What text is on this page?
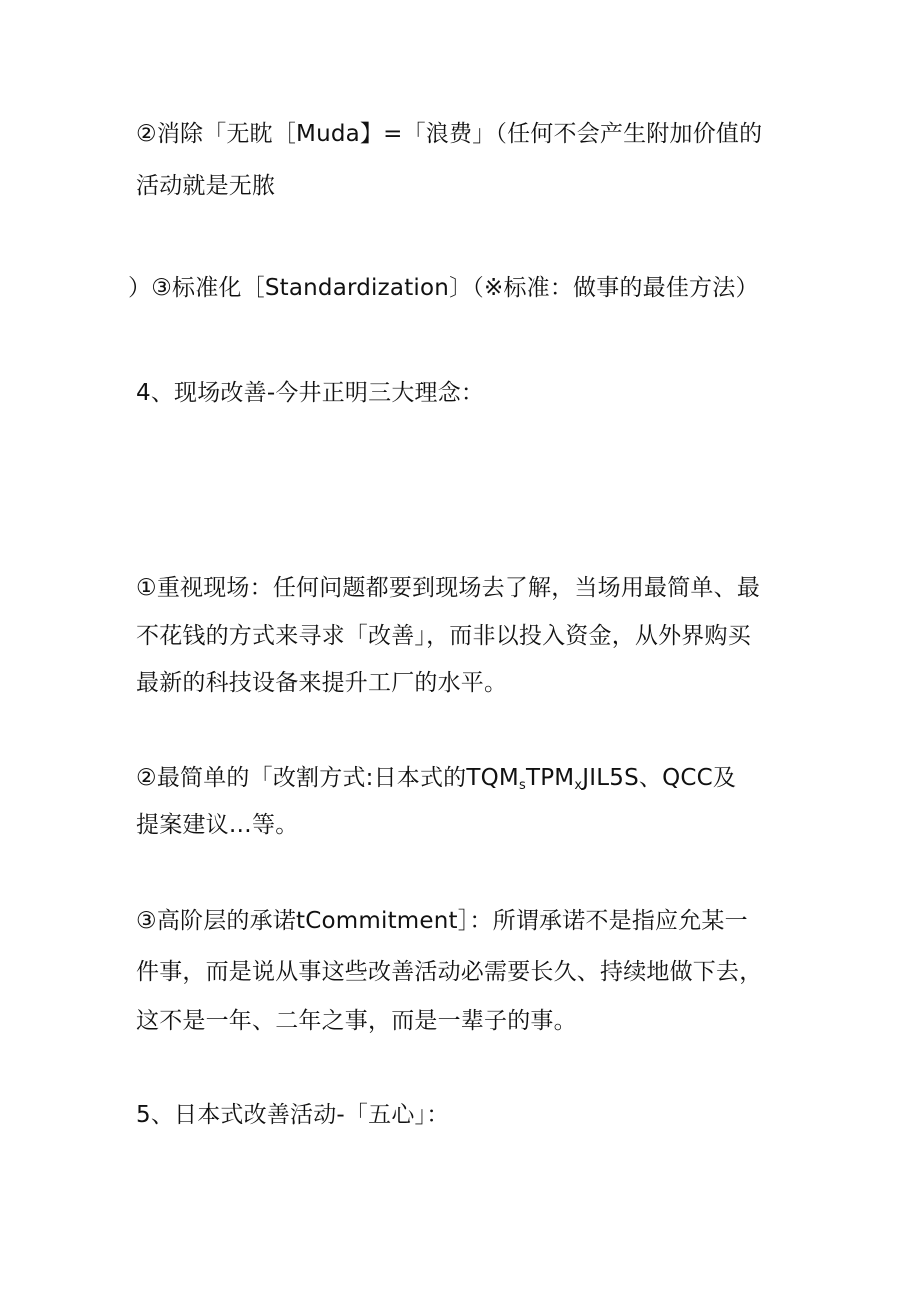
②消除「无眈［Muda】=「浪费」（任何不会产生附加价值的

活动就是无脓

）③标准化［Standardization〕（※标准：做事的最佳方法）

4、现场改善-今井正明三大理念：

①重视现场：任何问题都要到现场去了解，当场用最简单、最

不花钱的方式来寻求「改善」，而非以投入资金，从外界购买

最新的科技设备来提升工厂的水平。

②最简单的「改割方式:日本式的$TQM_sTPM_xJIL5S$、QCC及

提案建议…等。

③高阶层的承诺tCommitment］：所谓承诺不是指应允某一

件事，而是说从事这些改善活动必需要长久、持续地做下去，

这不是一年、二年之事，而是一辈子的事。

5、日本式改善活动-「五心」：
